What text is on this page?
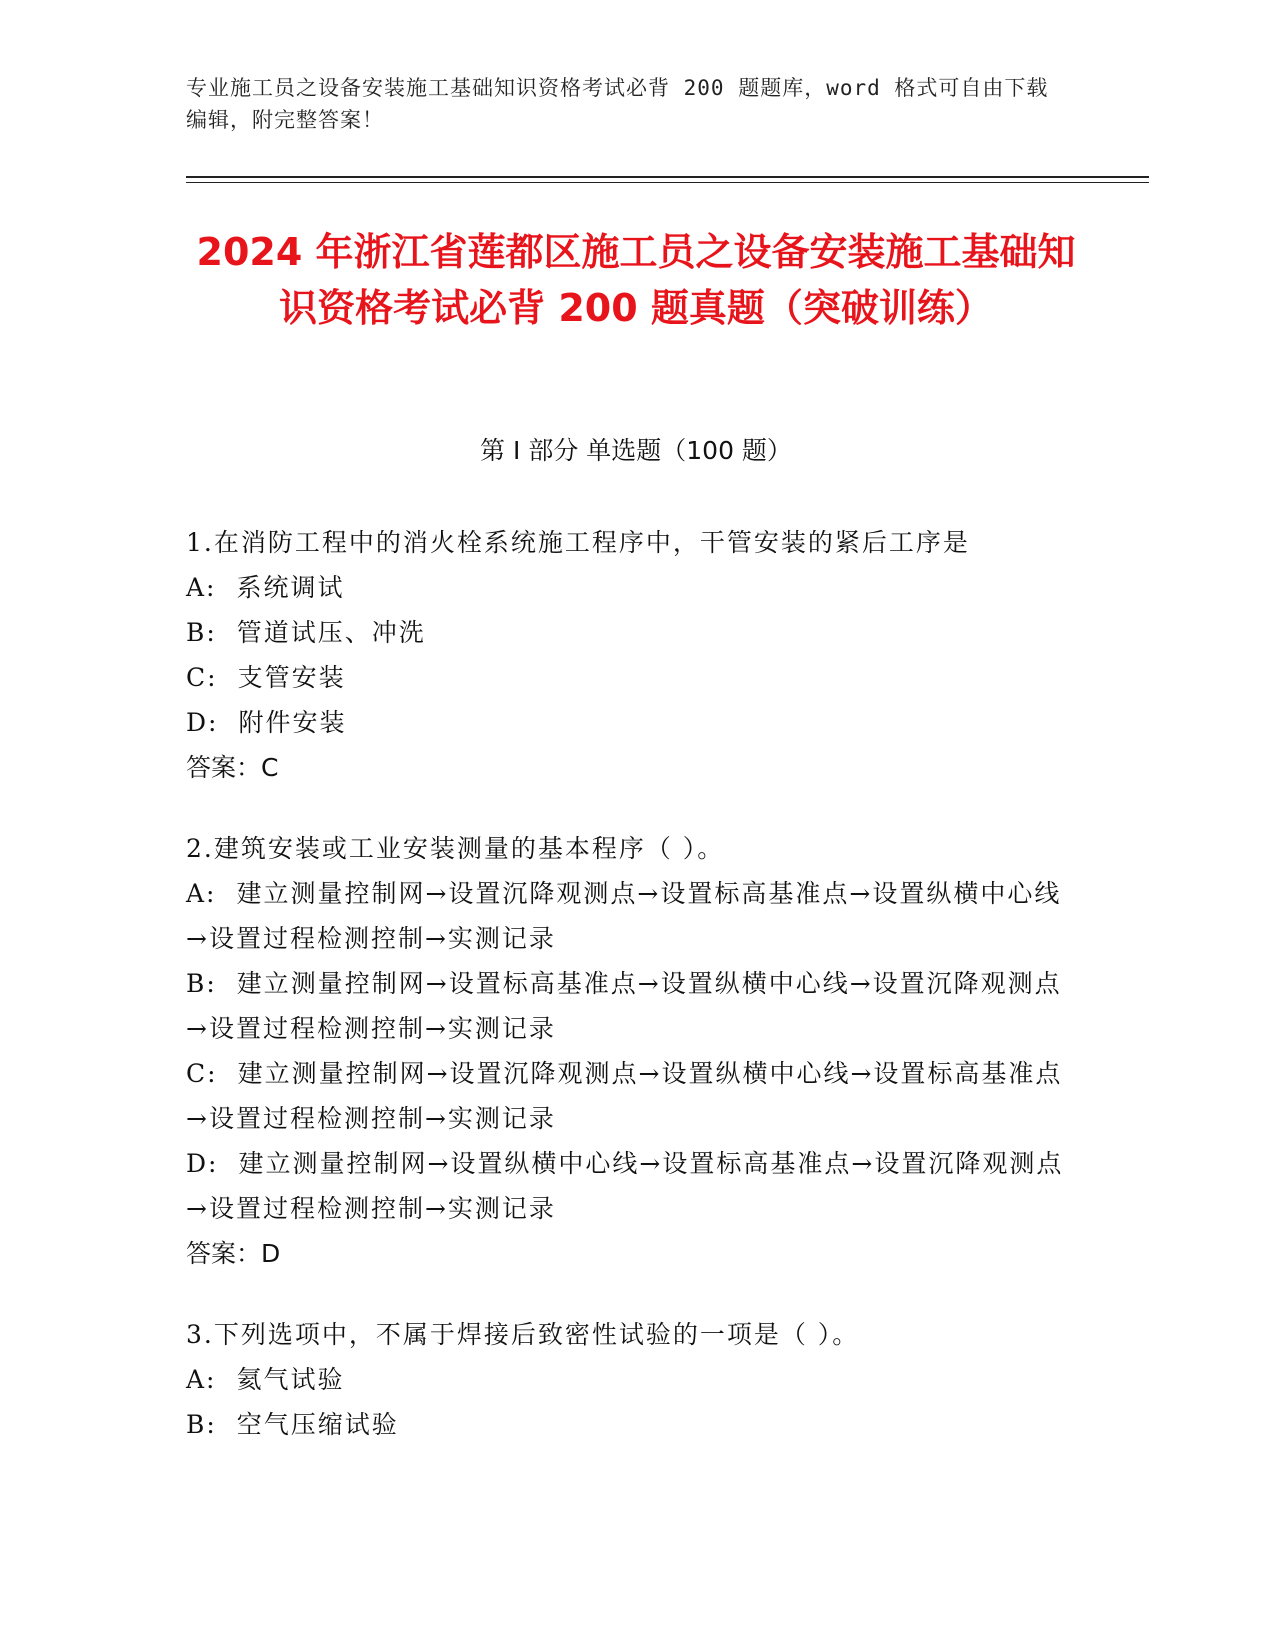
专业施工员之设备安装施工基础知识资格考试必背 200 题题库，word 格式可自由下载编辑，附完整答案！
2024 年浙江省莲都区施工员之设备安装施工基础知识资格考试必背 200 题真题（突破训练）
第 I 部分 单选题（100 题）
1.在消防工程中的消火栓系统施工程序中，干管安装的紧后工序是
A: 系统调试
B: 管道试压、冲洗
C: 支管安装
D: 附件安装
答案：C
2.建筑安装或工业安装测量的基本程序（ ）。
A: 建立测量控制网→设置沉降观测点→设置标高基准点→设置纵横中心线→设置过程检测控制→实测记录
B: 建立测量控制网→设置标高基准点→设置纵横中心线→设置沉降观测点→设置过程检测控制→实测记录
C: 建立测量控制网→设置沉降观测点→设置纵横中心线→设置标高基准点→设置过程检测控制→实测记录
D: 建立测量控制网→设置纵横中心线→设置标高基准点→设置沉降观测点→设置过程检测控制→实测记录
答案：D
3.下列选项中，不属于焊接后致密性试验的一项是（ ）。
A: 氦气试验
B: 空气压缩试验
